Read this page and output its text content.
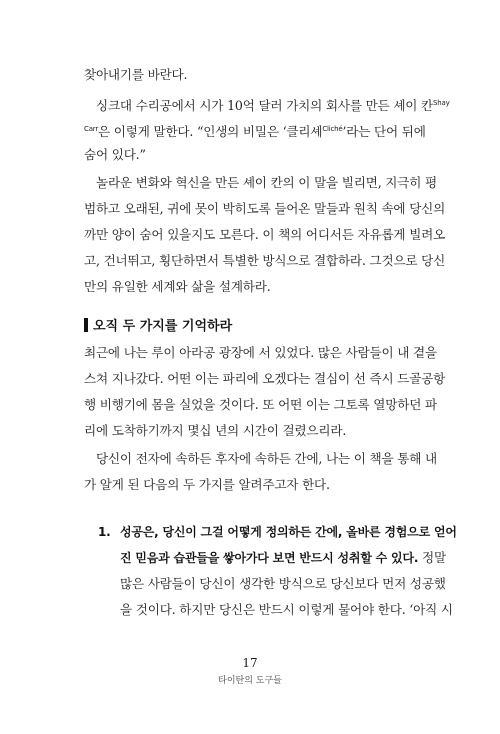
찾아내기를 바란다.
싱크대 수리공에서 시가 10억 달러 가치의 회사를 만든 셰이 칸$^{Shay}$
$^{Carr}$은 이렇게 말한다. “인생의 비밀은 ‘클리셰$^{Cliché}$’라는 단어 뒤에
숨어 있다.”
놀라운 변화와 혁신을 만든 셰이 칸의 이 말을 빌리면, 지극히 평
범하고 오래된, 귀에 못이 박히도록 들어온 말들과 원칙 속에 당신의
까만 양이 숨어 있을지도 모른다. 이 책의 어디서든 자유롭게 빌려오
고, 건너뛰고, 횡단하면서 특별한 방식으로 결합하라. 그것으로 당신
만의 유일한 세계와 삶을 설계하라.
오직 두 가지를 기억하라
최근에 나는 루이 아라공 광장에 서 있었다. 많은 사람들이 내 곁을
스쳐 지나갔다. 어떤 이는 파리에 오겠다는 결심이 선 즉시 드골공항
행 비행기에 몸을 실었을 것이다. 또 어떤 이는 그토록 열망하던 파
리에 도착하기까지 몇십 년의 시간이 걸렸으리라.
당신이 전자에 속하든 후자에 속하든 간에, 나는 이 책을 통해 내
가 알게 된 다음의 두 가지를 알려주고자 한다.
1. 성공은, 당신이 그걸 어떻게 정의하든 간에, 올바른 경험으로 얻어
진 믿음과 습관들을 쌓아가다 보면 반드시 성취할 수 있다. 정말
많은 사람들이 당신이 생각한 방식으로 당신보다 먼저 성공했
을 것이다. 하지만 당신은 반드시 이렇게 물어야 한다. ‘아직 시
17
타이탄의 도구들
